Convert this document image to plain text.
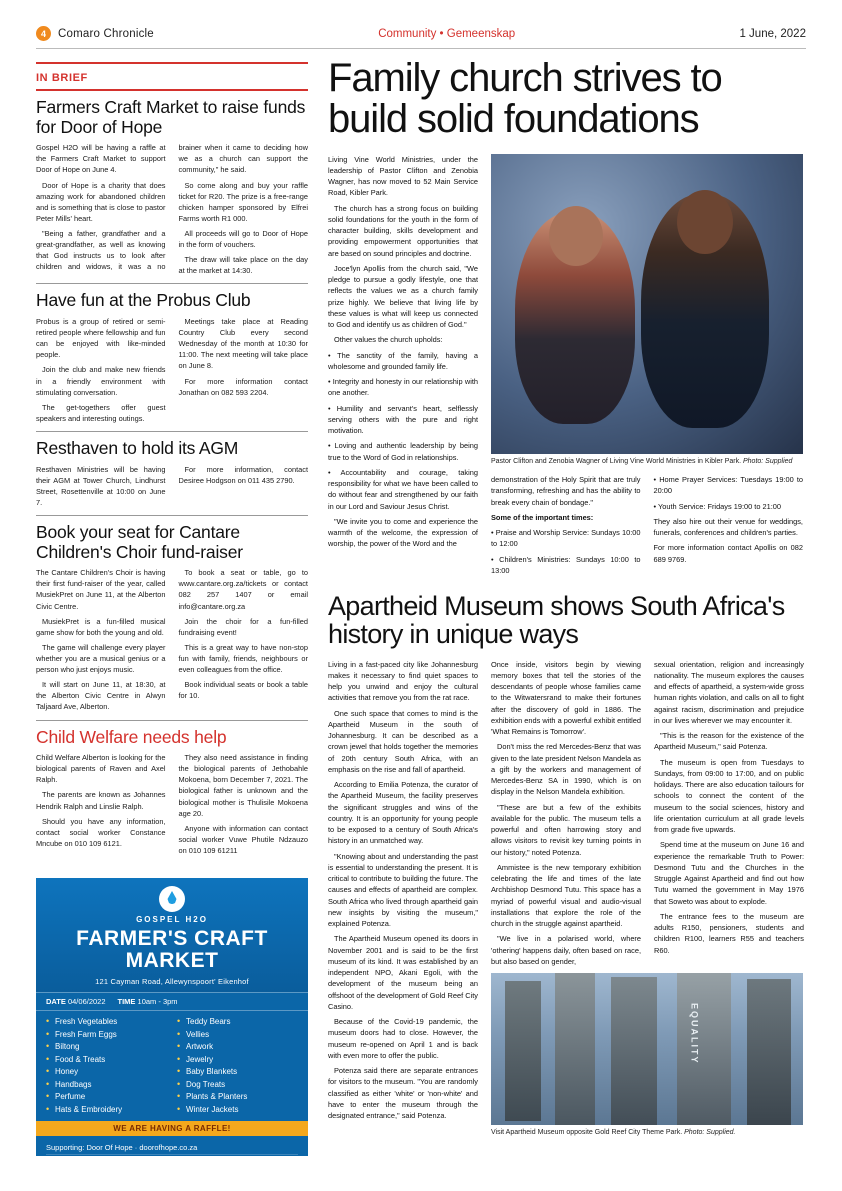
4	Comaro Chronicle	Community • Gemeenskap	1 June, 2022
IN BRIEF
Farmers Craft Market to raise funds for Door of Hope

Gospel H2O will be having a raffle at the Farmers Craft Market to support Door of Hope on June 4.

Door of Hope is a charity that does amazing work for abandoned children and is something that is close to pastor Peter Mills' heart.

"Being a father, grandfather and a great-grandfather, as well as knowing that God instructs us to look after children and widows, it was a no brainer when it came to deciding how we as a church can support the community," he said.

So come along and buy your raffle ticket for R20. The prize is a free-range chicken hamper sponsored by Elfrei Farms worth R1 000.

All proceeds will go to Door of Hope in the form of vouchers.

The draw will take place on the day at the market at 14:30.

Have fun at the Probus Club

Probus is a group of retired or semi-retired people where fellowship and fun can be enjoyed with like-minded people.

Join the club and make new friends in a friendly environment with stimulating conversation.

The get-togethers offer guest speakers and interesting outings.

Meetings take place at Reading Country Club every second Wednesday of the month at 10:30 for 11:00. The next meeting will take place on June 8.

For more information contact Jonathan on 082 593 2204.

Resthaven to hold its AGM

Resthaven Ministries will be having their AGM at Tower Church, Lindhurst Street, Rosettenville at 10:00 on June 7.

For more information, contact Desiree Hodgson on 011 435 2790.

Book your seat for Cantare Children's Choir fund-raiser

The Cantare Children's Choir is having their first fund-raiser of the year, called MusiekPret on June 11, at the Alberton Civic Centre.

MusiekPret is a fun-filled musical game show for both the young and old.

The game will challenge every player whether you are a musical genius or a person who just enjoys music.

It will start on June 11, at 18:30, at the Alberton Civic Centre in Alwyn Taljaard Ave, Alberton.

To book a seat or table, go to www.cantare.org.za/tickets or contact 082 257 1407 or email info@cantare.org.za

Join the choir for a fun-filled fundraising event!

This is a great way to have non-stop fun with family, friends, neighbours or even colleagues from the office.

Book individual seats or book a table for 10.

Child Welfare needs help

Child Welfare Alberton is looking for the biological parents of Raven and Axel Ralph.

The parents are known as Johannes Hendrik Ralph and Linslie Ralph.

Should you have any information, contact social worker Constance Mncube on 010 109 6121.

They also need assistance in finding the biological parents of Jethobahle Mokoena, born December 7, 2021. The biological father is unknown and the biological mother is Thulisile Mokoena age 20.

Anyone with information can contact social worker Vuwe Phutile Ndzauzo on 010 109 61211

Family church strives to build solid foundations

Living Vine World Ministries, under the leadership of Pastor Clifton and Zenobia Wagner, has now moved to 52 Main Service Road, Kibler Park.

The church has a strong focus on building solid foundations for the youth in the form of character building, skills development and providing empowerment opportunities that are based on sound principles and doctrine.

Joce'lyn Apollis from the church said, "We pledge to pursue a godly lifestyle, one that reflects the values we as a church family prize highly. We believe that living life by these values is what will keep us connected to God and identify us as children of God."

Other values the church upholds:

• The sanctity of the family, having a wholesome and grounded family life.

• Integrity and honesty in our relationship with one another.

• Humility and servant's heart, selflessly serving others with the pure and right motivation.

• Loving and authentic leadership by being true to the Word of God in relationships.

• Accountability and courage, taking responsibility for what we have been called to do without fear and strengthened by our faith in our Lord and Saviour Jesus Christ.

"We invite you to come and experience the warmth of the welcome, the expression of worship, the power of the Word and the

Pastor Clifton and Zenobia Wagner of Living Vine World Ministries in Kibler Park. Photo: Supplied

demonstration of the Holy Spirit that are truly transforming, refreshing and has the ability to break every chain of bondage."

Some of the important times:

• Praise and Worship Service: Sundays 10:00 to 12:00

• Children's Ministries: Sundays 10:00 to 13:00

• Home Prayer Services: Tuesdays 19:00 to 20:00

• Youth Service: Fridays 19:00 to 21:00

They also hire out their venue for weddings, funerals, conferences and children's parties.

For more information contact Apollis on 082 689 9769.

Apartheid Museum shows South Africa's history in unique ways

Living in a fast-paced city like Johannesburg makes it necessary to find quiet spaces to help you unwind and enjoy the cultural activities that remove you from the rat race.

One such space that comes to mind is the Apartheid Museum in the south of Johannesburg. It can be described as a crown jewel that holds together the memories of 20th century South Africa, with an emphasis on the rise and fall of apartheid.

According to Emilia Potenza, the curator of the Apartheid Museum, the facility preserves the significant struggles and wins of the country. It is an opportunity for young people to be exposed to a century of South Africa's history in an unmatched way.

"Knowing about and understanding the past is essential to understanding the present. It is critical to contribute to building the future. The causes and effects of apartheid are complex. South Africa who lived through apartheid gain new insights by visiting the museum," explained Potenza.

The Apartheid Museum opened its doors in November 2001 and is said to be the first museum of its kind. It was established by an independent NPO, Akani Egoli, with the development of the museum being an offshoot of the development of Gold Reef City Casino.

Because of the Covid-19 pandemic, the museum doors had to close. However, the museum re-opened on April 1 and is back with even more to offer the public.

Potenza said there are separate entrances for visitors to the museum. "You are randomly classified as either 'white' or 'non-white' and have to enter the museum through the designated entrance," said Potenza.

Once inside, visitors begin by viewing memory boxes that tell the stories of the descendants of people whose families came to the Witwatersrand to make their fortunes after the discovery of gold in 1886. The exhibition ends with a powerful exhibit entitled 'What Remains is Tomorrow'.

Don't miss the red Mercedes-Benz that was given to the late president Nelson Mandela as a gift by the workers and management of Mercedes-Benz SA in 1990, which is on display in the Nelson Mandela exhibition.

"These are but a few of the exhibits available for the public. The museum tells a powerful and often harrowing story and allows visitors to revisit key turning points in our history," noted Potenza.

Ammistee is the new temporary exhibition celebrating the life and times of the late Archbishop Desmond Tutu. This space has a myriad of powerful visual and audio-visual installations that explore the role of the church in the struggle against apartheid.

"We live in a polarised world, where 'othering' happens daily, often based on race, but also based on gender,

EQUALITY
Visit Apartheid Museum opposite Gold Reef City Theme Park. Photo: Supplied.

sexual orientation, religion and increasingly nationality. The museum explores the causes and effects of apartheid, a system-wide gross human rights violation, and calls on all to fight against racism, discrimination and prejudice in our lives wherever we may encounter it.

"This is the reason for the existence of the Apartheid Museum," said Potenza.

The museum is open from Tuesdays to Sundays, from 09:00 to 17:00, and on public holidays. There are also education tailours for schools to connect the content of the museum to the social sciences, history and life orientation curriculum at all grade levels from grade five upwards.

Spend time at the museum on June 16 and experience the remarkable Truth to Power: Desmond Tutu and the Churches in the Struggle Against Apartheid and find out how Tutu warned the government in May 1976 that Soweto was about to explode.

The entrance fees to the museum are adults R150, pensioners, students and children R100, learners R55 and teachers R60.

GOSPEL H2O
FARMER'S CRAFT
MARKET
121 Cayman Road, Allewynspoort' Eikenhof
DATE 04/06/2022 TIME 10am - 3pm
• Fresh Vegetables
• Fresh Farm Eggs
• Biltong
• Food & Treats
• Honey
• Handbags
• Perfume
• Hats & Embroidery
• Teddy Bears
• Vellies
• Artwork
• Jewelry
• Baby Blankets
• Dog Treats
• Plants & Planters
• Winter Jackets
WE ARE HAVING A RAFFLE!
Supporting: Door Of Hope · doorofhope.co.za
Raffle Ticket: R20
Raffle Prize: R1000 Free Range Chicken Hamper
